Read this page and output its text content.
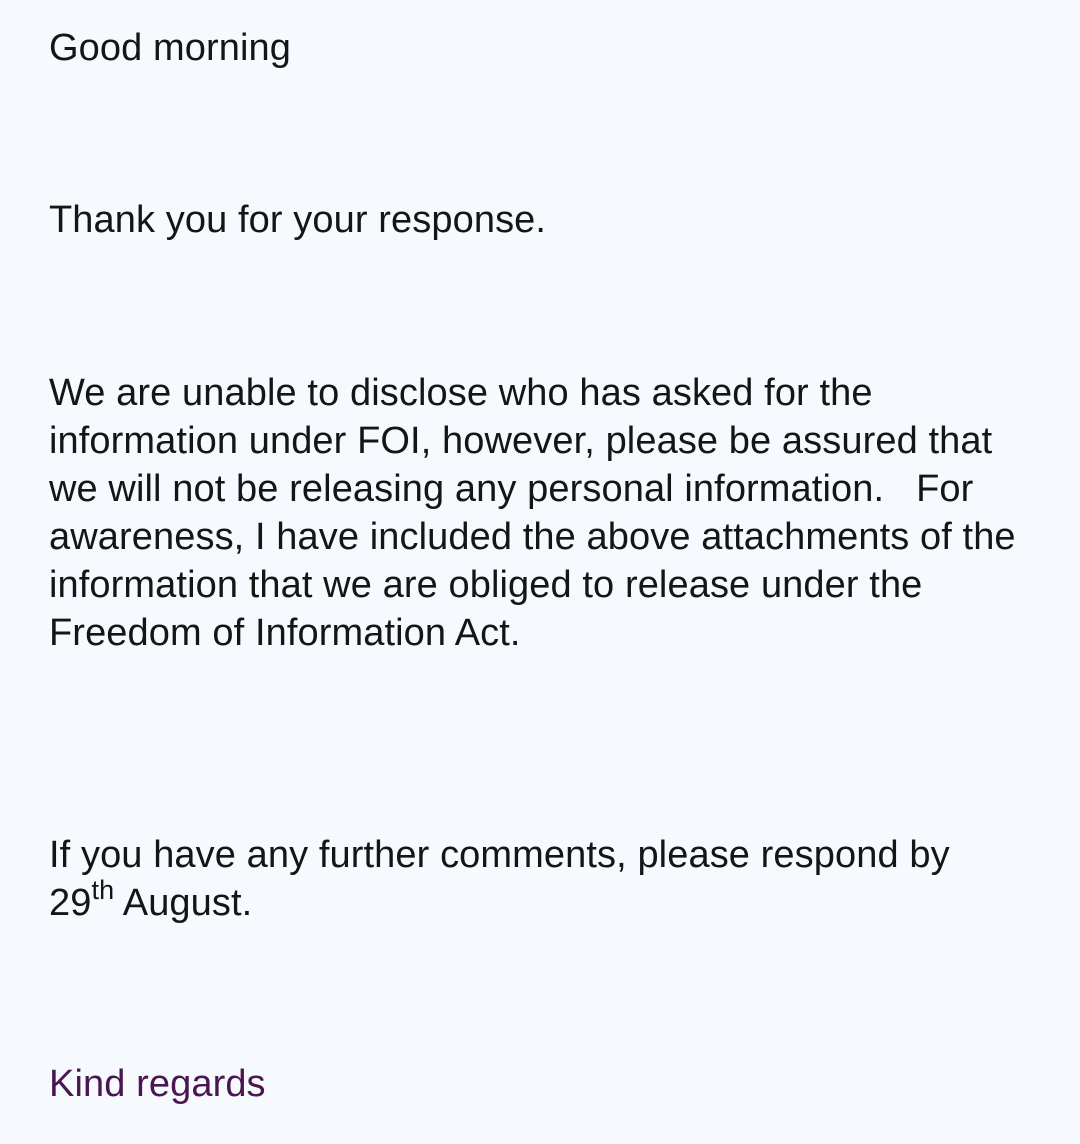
Good morning

Thank you for your response.

We are unable to disclose who has asked for the information under FOI, however, please be assured that we will not be releasing any personal information.   For awareness, I have included the above attachments of the information that we are obliged to release under the Freedom of Information Act.

If you have any further comments, please respond by
29th August.

Kind regards
